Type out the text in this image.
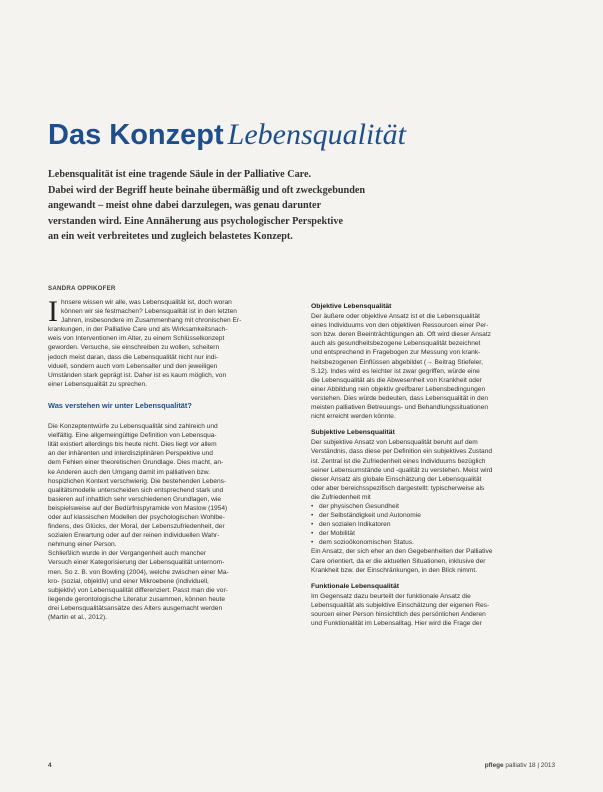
Das Konzept Lebensqualität
Lebensqualität ist eine tragende Säule in der Palliative Care.
Dabei wird der Begriff heute beinahe übermäßig und oft zweckgebunden
angewandt – meist ohne dabei darzulegen, was genau darunter
verstanden wird. Eine Annäherung aus psychologischer Perspektive
an ein weit verbreitetes und zugleich belastetes Konzept.
SANDRA OPPIKOFER
I hnsere wissen wir alle, was Lebensqualität ist, doch woran
können wir sie festmachen? Lebensqualität ist in den letzten
Jahren, insbesondere im Zusammenhang mit chronischen Er-
krankungen, in der Palliative Care und als Wirksamkeitsnach-
weis von Interventionen im Alter, zu einem Schlüsselkonzept
geworden. Versuche, sie einschreiben zu wollen, scheitern
jedoch meist daran, dass die Lebensqualität nicht nur indi-
viduell, sondern auch vom Lebensalter und den jeweiligen
Umständen stark geprägt ist. Daher ist es kaum möglich, von
einer Lebensqualität zu sprechen.
Was verstehen wir unter Lebensqualität?
Die Konzeptentwürfe zu Lebensqualität sind zahlreich und
vielfältig. Eine allgemeingültige Definition von Lebensqua-
lität existiert allerdings bis heute nicht. Dies liegt vor allem
an der inhärenten und interdisziplinären Perspektive und
dem Fehlen einer theoretischen Grundlage. Dies macht, an-
ke Anderen auch den Umgang damit im palliativen bzw.
hospizlichen Kontext verschwierig. Die bestehenden Lebens-
qualitätsmodelle unterscheiden sich entsprechend stark und
basieren auf inhaltlich sehr verschiedenen Grundlagen, wie
beispielsweise auf der Bedürfnispyramide von Maslow (1954)
oder auf klassischen Modellen der psychologischen Wohlbe-
findens, des Glücks, der Moral, der Lebenszufriedenheit, der
sozialen Erwartung oder auf der reinen individuellen Wahr-
nehmung einer Person.
Schließlich wurde in der Vergangenheit auch mancher
Versuch einer Kategorisierung der Lebensqualität unternom-
men. So z. B. von Bowling (2004), welche zwischen einer Ma-
kro- (sozial, objektiv) und einer Mikroebene (individuell,
subjektiv) von Lebensqualität differenziert. Passt man die vor-
liegende gerontologische Literatur zusammen, können heute
drei Lebensqualitätsansätze des Alters ausgemacht werden
(Martin et al., 2012).
Objektive Lebensqualität
Der äußere oder objektive Ansatz ist et die Lebensqualität
eines Individuums von den objektiven Ressourcen einer Per-
son bzw. deren Beeinträchtigungen ab. Oft wird dieser Ansatz
auch als gesundheitsbezogene Lebensqualität bezeichnet
und entsprechend in Fragebogen zur Messung von krank-
heitsbezogenen Einflüssen abgebildet (→ Beitrag Stiefeler,
S.12). Indes wird es leichter ist zwar gegriffen, würde eine
die Lebensqualität als die Abwesenheit von Krankheit oder
einer Abbildung rein objektiv greifbarer Lebensbedingungen
verstehen. Dies würde bedeuten, dass Lebensqualität in den
meisten palliativen Betreuungs- und Behandlungssituationen
nicht erreicht werden könnte.
Subjektive Lebensqualität
Der subjektive Ansatz von Lebensqualität beruht auf dem
Verständnis, dass diese per Definition ein subjektives Zustand
ist. Zentral ist die Zufriedenheit eines Individuums bezüglich
seiner Lebensumstände und -qualität zu verstehen. Meist wird
dieser Ansatz als globale Einschätzung der Lebensqualität
oder aber bereichsspezifisch dargestellt: typischerweise als
die Zufriedenheit mit
• der physischen Gesundheit
• der Selbständigkeit und Autonomie
• den sozialen Indikatoren
• der Mobilität
• dem sozioökonomischen Status.
Ein Ansatz, der sich eher an den Gegebenheiten der Palliative
Care orientiert, da er die aktuellen Situationen, inklusive der
Krankheit bzw. der Einschränkungen, in den Blick nimmt.
Funktionale Lebensqualität
Im Gegensatz dazu beurteilt der funktionale Ansatz die
Lebensqualität als subjektive Einschätzung der eigenen Res-
sourcen einer Person hinsichtlich des persönlichen Anderen
und Funktionalität im Lebensalltag. Hier wird die Frage der
4	pflege palliativ 18 | 2013
